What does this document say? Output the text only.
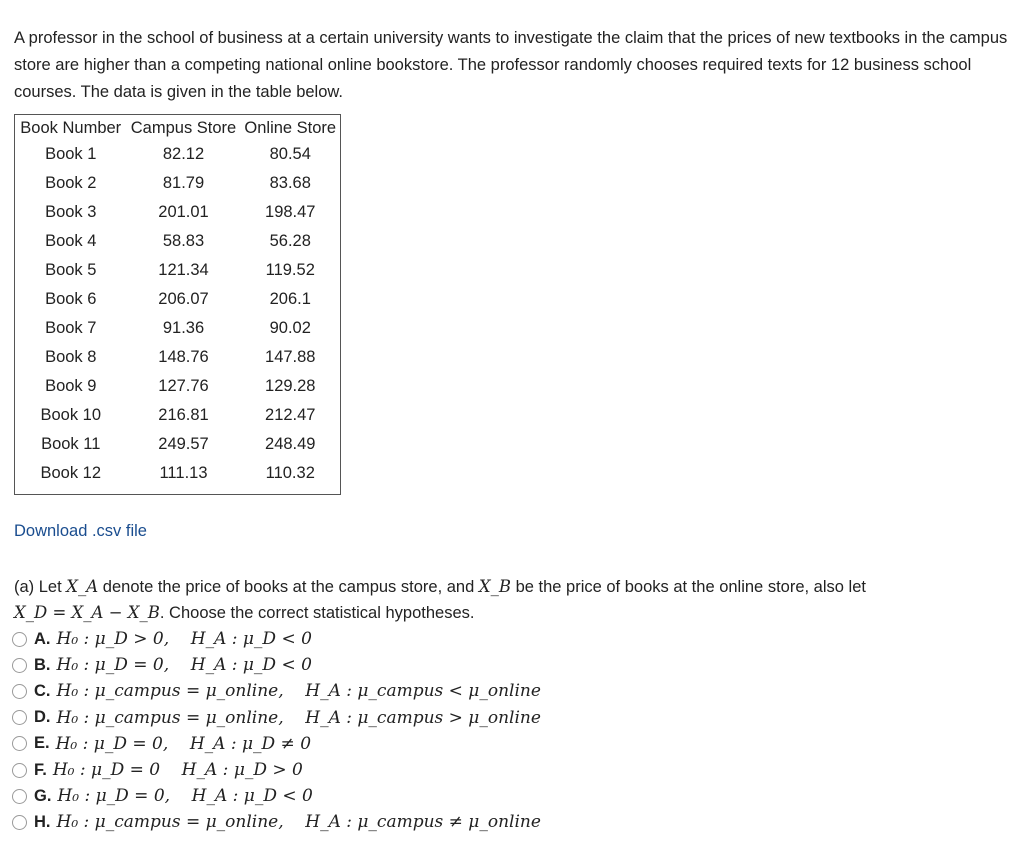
A professor in the school of business at a certain university wants to investigate the claim that the prices of new textbooks in the campus store are higher than a competing national online bookstore. The professor randomly chooses required texts for 12 business school courses. The data is given in the table below.

Book Number	Campus Store	Online Store
Book 1	82.12	80.54
Book 2	81.79	83.68
Book 3	201.01	198.47
Book 4	58.83	56.28
Book 5	121.34	119.52
Book 6	206.07	206.1
Book 7	91.36	90.02
Book 8	148.76	147.88
Book 9	127.76	129.28
Book 10	216.81	212.47
Book 11	249.57	248.49
Book 12	111.13	110.32
Download .csv file
(a) Let X_A denote the price of books at the campus store, and X_B be the price of books at the online store, also let
X_D = X_A − X_B. Choose the correct statistical hypotheses.
A. H₀ : μ_D > 0,    H_A : μ_D < 0
B. H₀ : μ_D = 0,    H_A : μ_D < 0
C. H₀ : μ_campus = μ_online,    H_A : μ_campus < μ_online
D. H₀ : μ_campus = μ_online,    H_A : μ_campus > μ_online
E. H₀ : μ_D = 0,    H_A : μ_D ≠ 0
F. H₀ : μ_D = 0    H_A : μ_D > 0
G. H₀ : μ_D = 0,    H_A : μ_D < 0
H. H₀ : μ_campus = μ_online,    H_A : μ_campus ≠ μ_online
